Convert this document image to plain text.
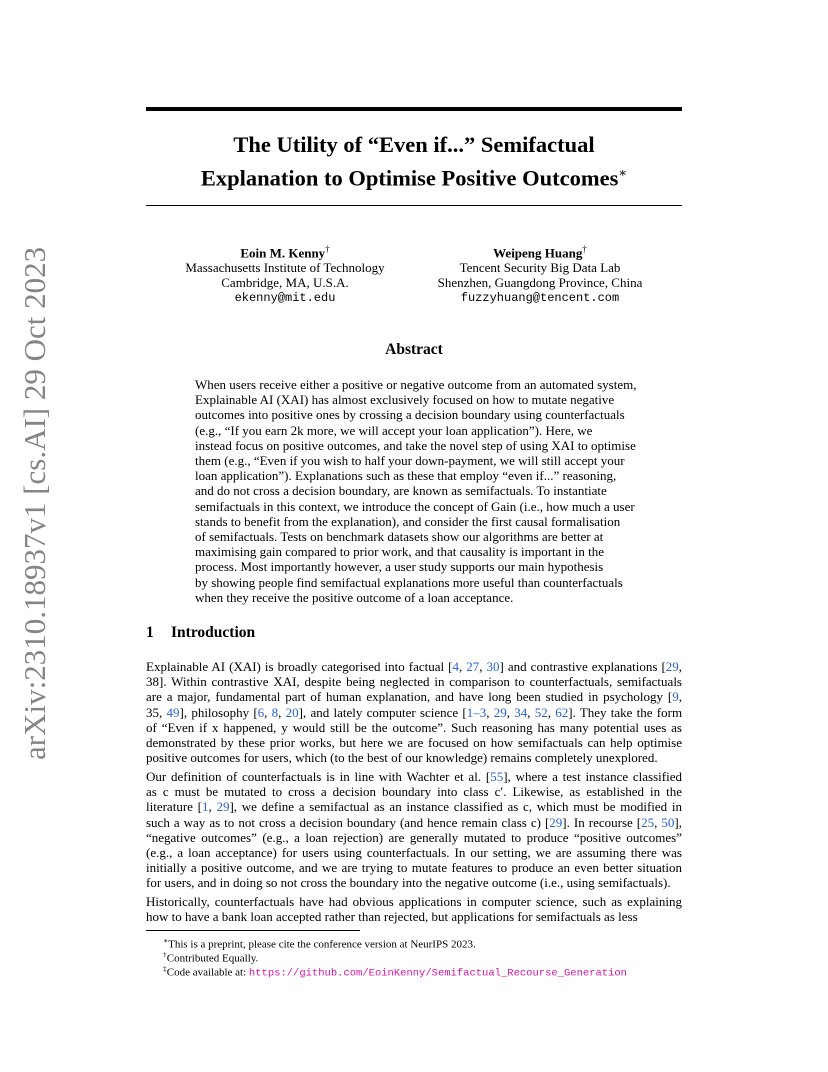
arXiv:2310.18937v1 [cs.AI] 29 Oct 2023
The Utility of “Even if...” Semifactual
Explanation to Optimise Positive Outcomes∗
Eoin M. Kenny†
Massachusetts Institute of Technology
Cambridge, MA, U.S.A.
ekenny@mit.edu
Weipeng Huang†
Tencent Security Big Data Lab
Shenzhen, Guangdong Province, China
fuzzyhuang@tencent.com
Abstract
When users receive either a positive or negative outcome from an automated system,
Explainable AI (XAI) has almost exclusively focused on how to mutate negative
outcomes into positive ones by crossing a decision boundary using counterfactuals
(e.g., “If you earn 2k more, we will accept your loan application”). Here, we
instead focus on positive outcomes, and take the novel step of using XAI to optimise
them (e.g., “Even if you wish to half your down-payment, we will still accept your
loan application”). Explanations such as these that employ “even if...” reasoning,
and do not cross a decision boundary, are known as semifactuals. To instantiate
semifactuals in this context, we introduce the concept of Gain (i.e., how much a user
stands to benefit from the explanation), and consider the first causal formalisation
of semifactuals. Tests on benchmark datasets show our algorithms are better at
maximising gain compared to prior work, and that causality is important in the
process. Most importantly however, a user study supports our main hypothesis
by showing people find semifactual explanations more useful than counterfactuals
when they receive the positive outcome of a loan acceptance.
1 Introduction
Explainable AI (XAI) is broadly categorised into factual [4, 27, 30] and contrastive explanations [29,
38]. Within contrastive XAI, despite being neglected in comparison to counterfactuals, semifactuals
are a major, fundamental part of human explanation, and have long been studied in psychology [9,
35, 49], philosophy [6, 8, 20], and lately computer science [1–3, 29, 34, 52, 62]. They take the form
of “Even if x happened, y would still be the outcome”. Such reasoning has many potential uses as
demonstrated by these prior works, but here we are focused on how semifactuals can help optimise
positive outcomes for users, which (to the best of our knowledge) remains completely unexplored.
Our definition of counterfactuals is in line with Wachter et al. [55], where a test instance classified
as c must be mutated to cross a decision boundary into class c′. Likewise, as established in the
literature [1, 29], we define a semifactual as an instance classified as c, which must be modified in
such a way as to not cross a decision boundary (and hence remain class c) [29]. In recourse [25, 50],
“negative outcomes” (e.g., a loan rejection) are generally mutated to produce “positive outcomes”
(e.g., a loan acceptance) for users using counterfactuals. In our setting, we are assuming there was
initially a positive outcome, and we are trying to mutate features to produce an even better situation
for users, and in doing so not cross the boundary into the negative outcome (i.e., using semifactuals).
Historically, counterfactuals have had obvious applications in computer science, such as explaining
how to have a bank loan accepted rather than rejected, but applications for semifactuals as less
∗This is a preprint, please cite the conference version at NeurIPS 2023.
†Contributed Equally.
‡Code available at: https://github.com/EoinKenny/Semifactual_Recourse_Generation
